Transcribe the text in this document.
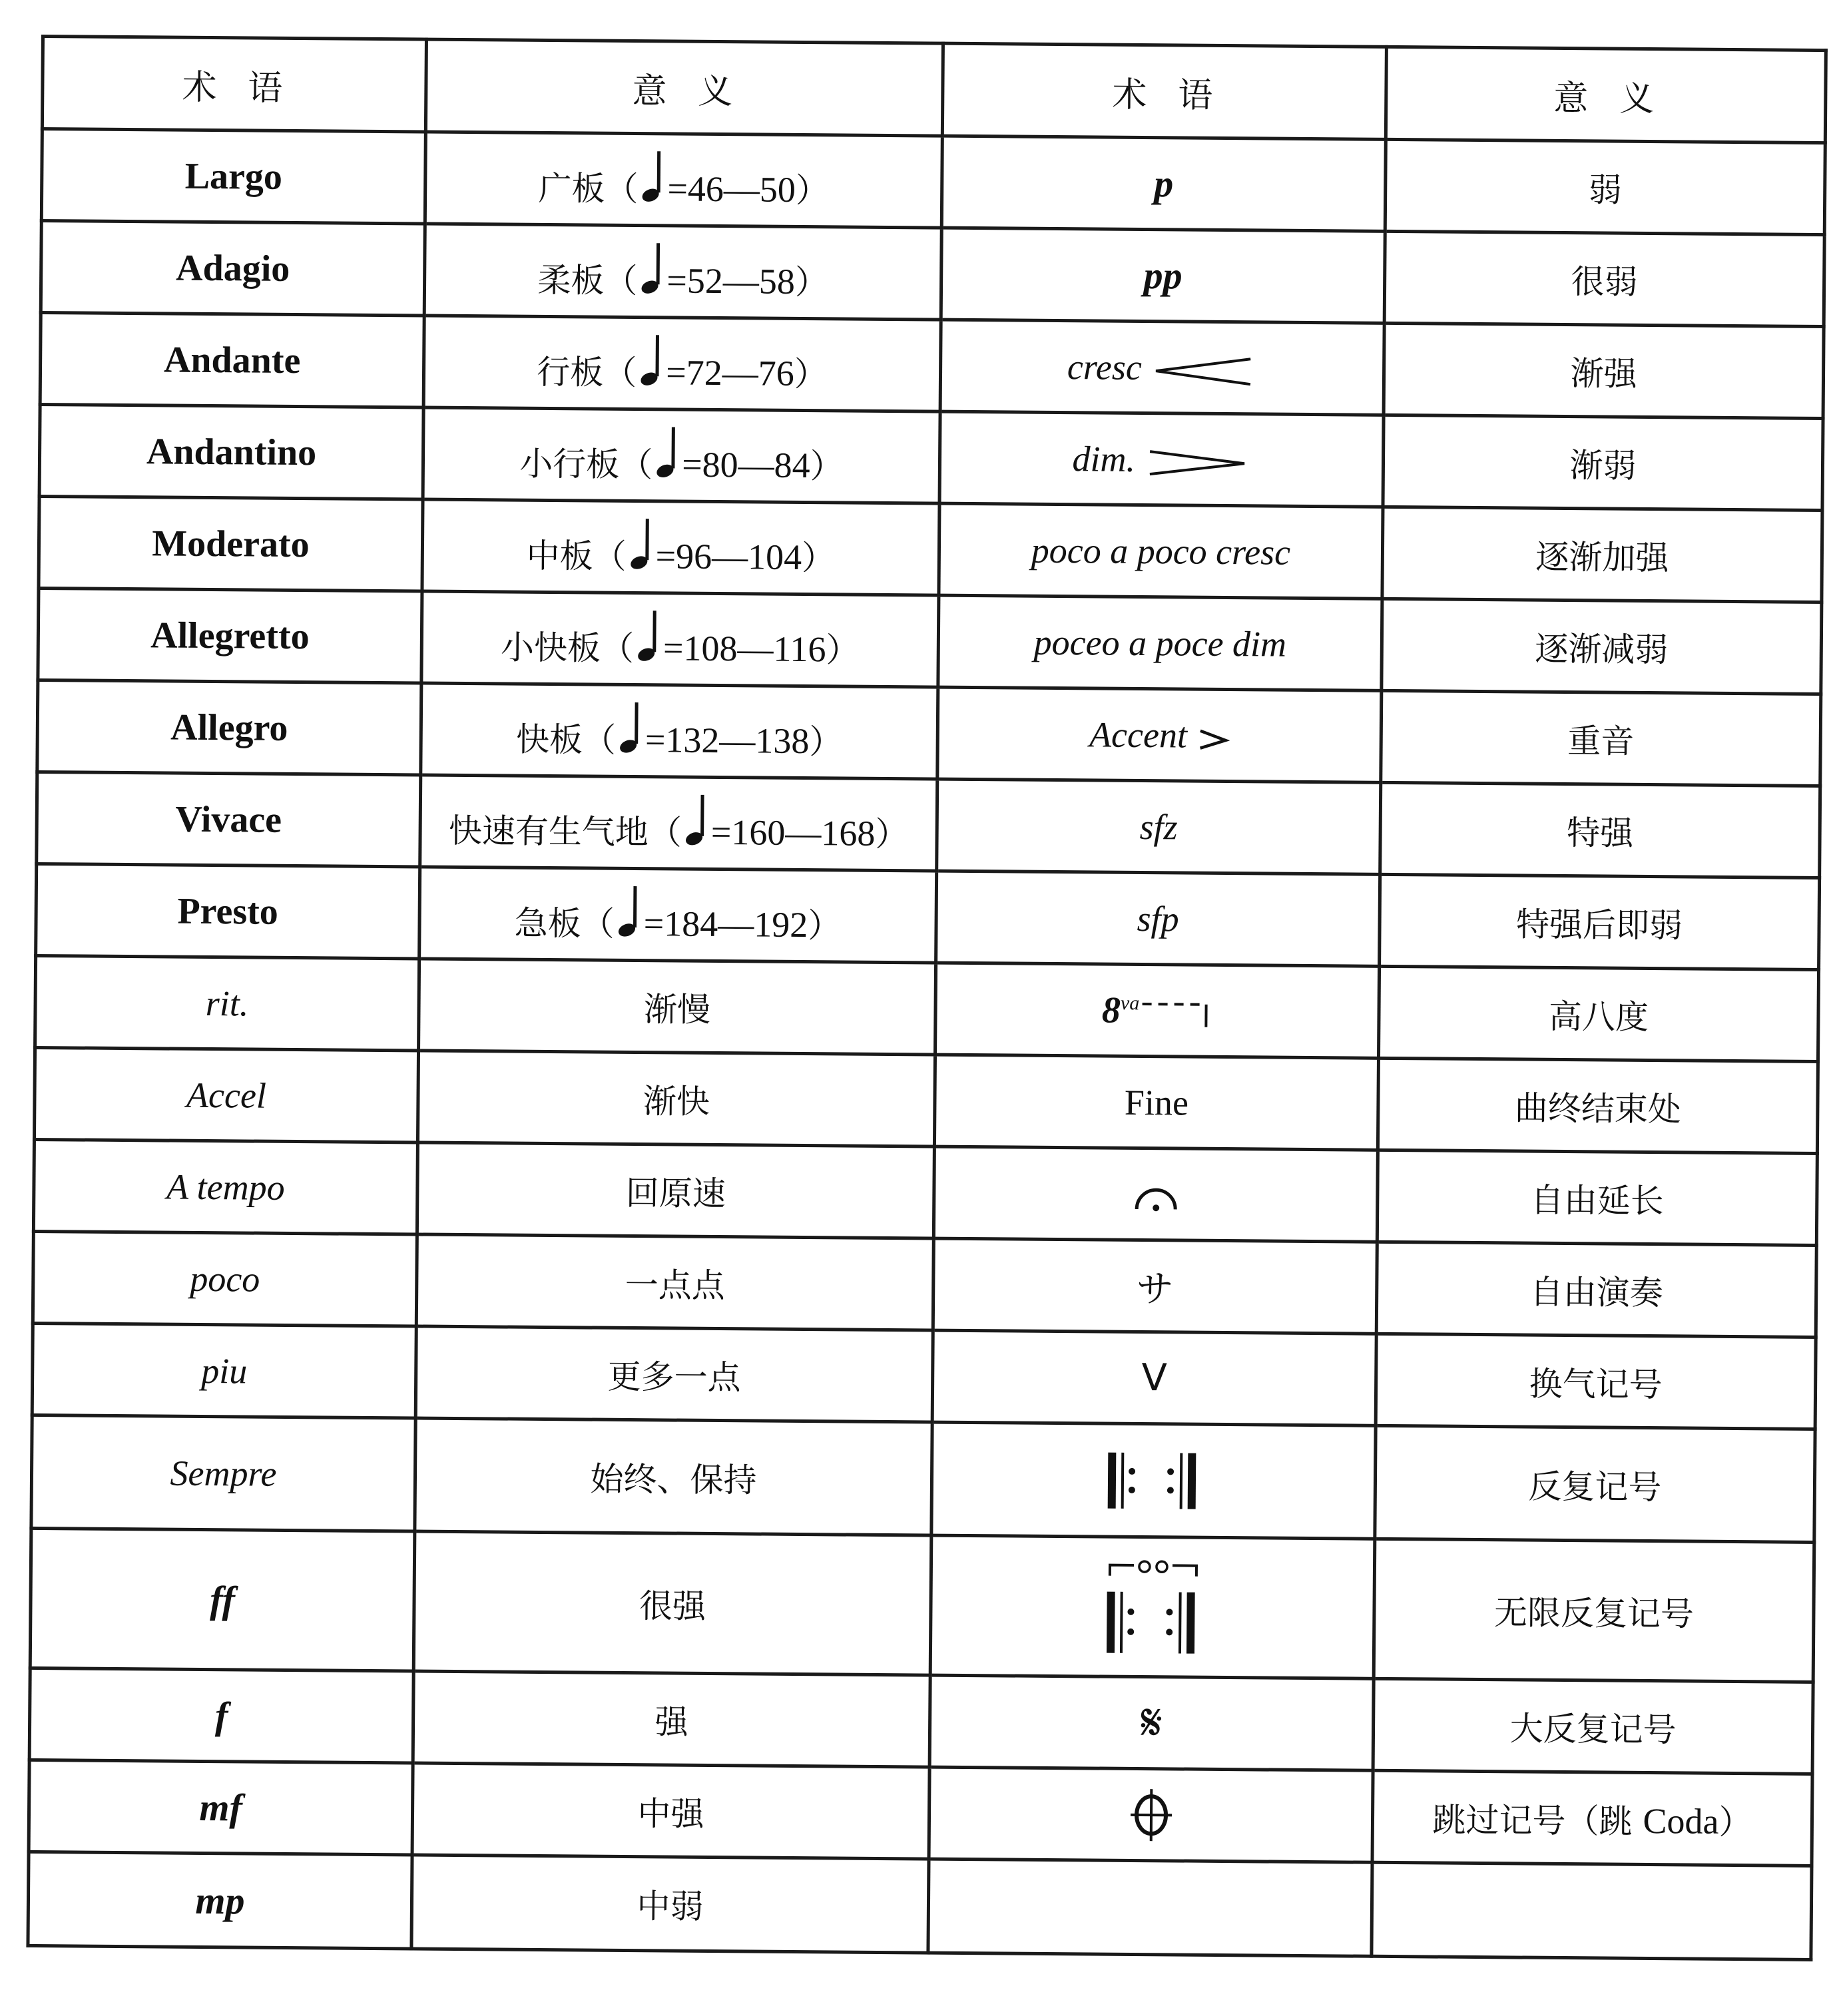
术语	意义	术语	意义
Largo	广板（ =46—50）	p	弱
Adagio	柔板（ =52—58）	pp	很弱
Andante	行板（ =72—76）	cresc	渐强
Andantino	小行板（ =80—84）	dim.	渐弱
Moderato	中板（ =96—104）	poco a poco cresc	逐渐加强
Allegretto	小快板（ =108—116）	poceo a poce dim	逐渐减弱
Allegro	快板（ =132—138）	Accent	重音
Vivace	快速有生气地（ =160—168）	sfz	特强
Presto	急板（ =184—192）	sfp	特强后即弱
rit.	渐慢	$8^{va}$	高八度
Accel	渐快	Fine	曲终结束处
A tempo	回原速		自由延长
poco	一点点	サ	自由演奏
piu	更多一点	V	换气记号
Sempre	始终、保持		反复记号
ff	很强		无限反复记号
f	强	𝄋	大反复记号
mf	中强		跳过记号（跳 Coda）
mp	中弱		
